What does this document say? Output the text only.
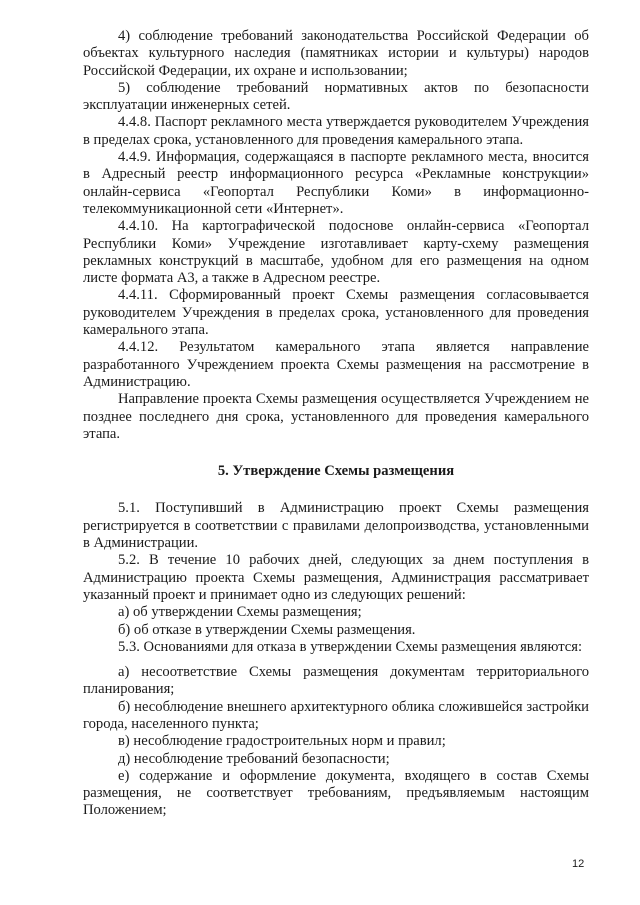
4) соблюдение требований законодательства Российской Федерации об объектах культурного наследия (памятниках истории и культуры) народов Российской Федерации, их охране и использовании;

5) соблюдение требований нормативных актов по безопасности эксплуатации инженерных сетей.

4.4.8. Паспорт рекламного места утверждается руководителем Учреждения в пределах срока, установленного для проведения камерального этапа.

4.4.9. Информация, содержащаяся в паспорте рекламного места, вносится в Адресный реестр информационного ресурса «Рекламные конструкции» онлайн-сервиса «Геопортал Республики Коми» в информационно-телекоммуникационной сети «Интернет».

4.4.10. На картографической подоснове онлайн-сервиса «Геопортал Республики Коми» Учреждение изготавливает карту-схему размещения рекламных конструкций в масштабе, удобном для его размещения на одном листе формата А3, а также в Адресном реестре.

4.4.11. Сформированный проект Схемы размещения согласовывается руководителем Учреждения в пределах срока, установленного для проведения камерального этапа.

4.4.12. Результатом камерального этапа является направление разработанного Учреждением проекта Схемы размещения на рассмотрение в Администрацию.

Направление проекта Схемы размещения осуществляется Учреждением не позднее последнего дня срока, установленного для проведения камерального этапа.

5. Утверждение Схемы размещения

5.1. Поступивший в Администрацию проект Схемы размещения регистрируется в соответствии с правилами делопроизводства, установленными в Администрации.

5.2. В течение 10 рабочих дней, следующих за днем поступления в Администрацию проекта Схемы размещения, Администрация рассматривает указанный проект и принимает одно из следующих решений:

а) об утверждении Схемы размещения;

б) об отказе в утверждении Схемы размещения.

5.3. Основаниями для отказа в утверждении Схемы размещения являются:

а) несоответствие Схемы размещения документам территориального планирования;

б) несоблюдение внешнего архитектурного облика сложившейся застройки города, населенного пункта;

в) несоблюдение градостроительных норм и правил;

д) несоблюдение требований безопасности;

е) содержание и оформление документа, входящего в состав Схемы размещения, не соответствует требованиям, предъявляемым настоящим Положением;

12
